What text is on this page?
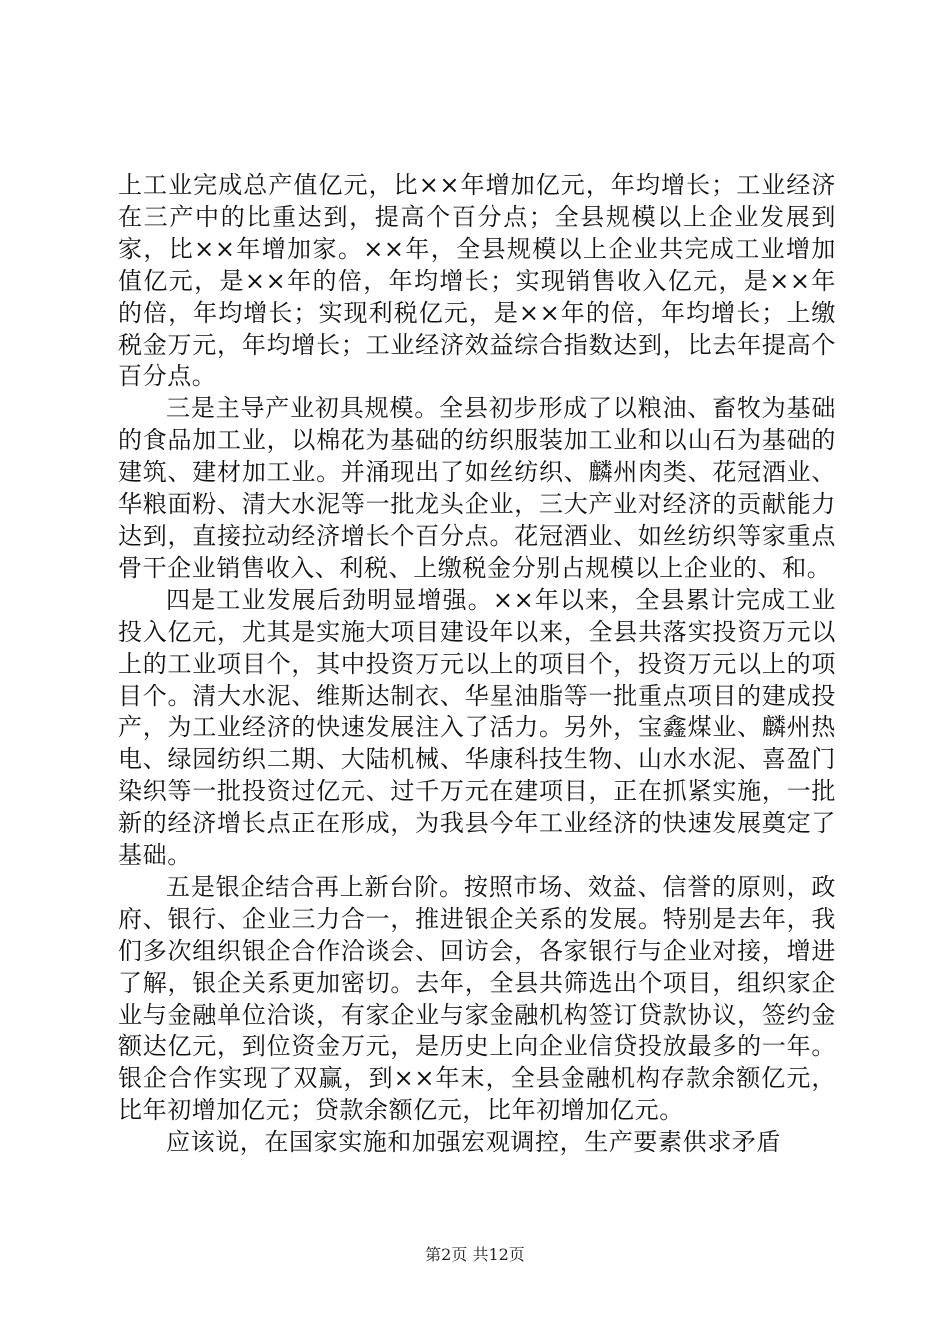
上工业完成总产值亿元，比××年增加亿元，年均增长；工业经济在三产中的比重达到，提高个百分点；全县规模以上企业发展到家，比××年增加家。××年，全县规模以上企业共完成工业增加值亿元，是××年的倍，年均增长；实现销售收入亿元，是××年的倍，年均增长；实现利税亿元，是××年的倍，年均增长；上缴税金万元，年均增长；工业经济效益综合指数达到，比去年提高个百分点。

三是主导产业初具规模。全县初步形成了以粮油、畜牧为基础的食品加工业，以棉花为基础的纺织服装加工业和以山石为基础的建筑、建材加工业。并涌现出了如丝纺织、麟州肉类、花冠酒业、华粮面粉、清大水泥等一批龙头企业，三大产业对经济的贡献能力达到，直接拉动经济增长个百分点。花冠酒业、如丝纺织等家重点骨干企业销售收入、利税、上缴税金分别占规模以上企业的、和。

四是工业发展后劲明显增强。××年以来，全县累计完成工业投入亿元，尤其是实施大项目建设年以来，全县共落实投资万元以上的工业项目个，其中投资万元以上的项目个，投资万元以上的项目个。清大水泥、维斯达制衣、华星油脂等一批重点项目的建成投产，为工业经济的快速发展注入了活力。另外，宝鑫煤业、麟州热电、绿园纺织二期、大陆机械、华康科技生物、山水水泥、喜盈门染织等一批投资过亿元、过千万元在建项目，正在抓紧实施，一批新的经济增长点正在形成，为我县今年工业经济的快速发展奠定了基础。

五是银企结合再上新台阶。按照市场、效益、信誉的原则，政府、银行、企业三力合一，推进银企关系的发展。特别是去年，我们多次组织银企合作洽谈会、回访会，各家银行与企业对接，增进了解，银企关系更加密切。去年，全县共筛选出个项目，组织家企业与金融单位洽谈，有家企业与家金融机构签订贷款协议，签约金额达亿元，到位资金万元，是历史上向企业信贷投放最多的一年。银企合作实现了双赢，到××年末，全县金融机构存款余额亿元，比年初增加亿元；贷款余额亿元，比年初增加亿元。

应该说，在国家实施和加强宏观调控，生产要素供求矛盾

第2页 共12页
